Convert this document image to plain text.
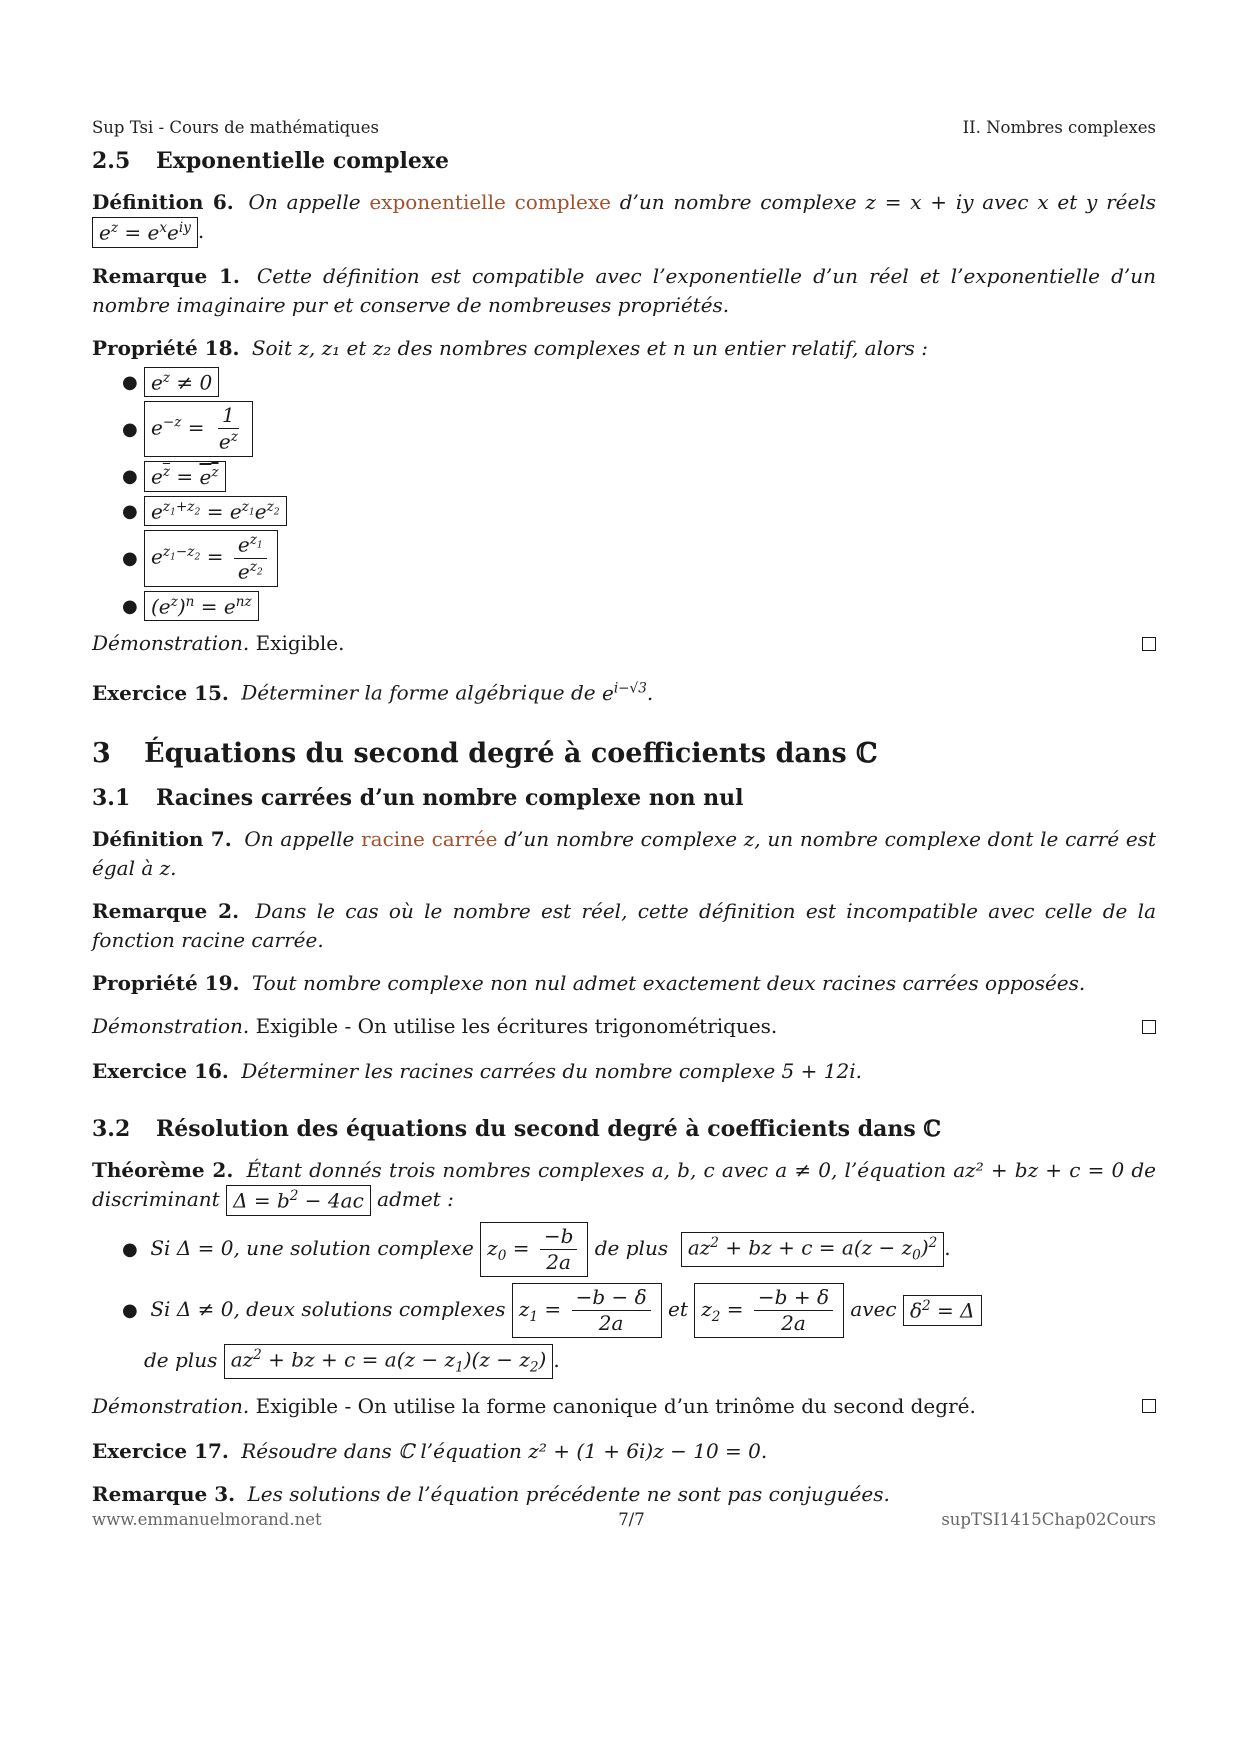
Sup Tsi - Cours de mathématiques	II. Nombres complexes
2.5 Exponentielle complexe
Définition 6. On appelle exponentielle complexe d’un nombre complexe z = x + iy avec x et y réels $e^z = e^xe^{iy}$ .
Remarque 1. Cette définition est compatible avec l’exponentielle d’un réel et l’exponentielle d’un nombre imaginaire pur et conserve de nombreuses propriétés.
Propriété 18. Soit z, z₁ et z₂ des nombres complexes et n un entier relatif, alors :
● $e^z \ne 0$
● $e^{-z} = \frac{1}{e^z}$
● $e^{\overline{z}} = e^z$
● $e^{z_1+z_2} = e^{z_1}e^{z_2}$
● $e^{z_1-z_2} = \frac{e^{z_1}}{e^{z_2}}$
● $(e^z)^n = e^{nz}$
Démonstration. Exigible.
Exercice 15. Déterminer la forme algébrique de $e^{i-√3}$.
3 Équations du second degré à coefficients dans ℂ
3.1 Racines carrées d’un nombre complexe non nul
Définition 7. On appelle racine carrée d’un nombre complexe z, un nombre complexe dont le carré est égal à z.
Remarque 2. Dans le cas où le nombre est réel, cette définition est incompatible avec celle de la fonction racine carrée.
Propriété 19. Tout nombre complexe non nul admet exactement deux racines carrées opposées.
Démonstration. Exigible - On utilise les écritures trigonométriques.
Exercice 16. Déterminer les racines carrées du nombre complexe 5 + 12i.
3.2 Résolution des équations du second degré à coefficients dans ℂ
Théorème 2. Étant donnés trois nombres complexes a, b, c avec a ≠ 0, l’équation az² + bz + c = 0 de discriminant $\Delta = b^2 - 4ac$ admet :
● Si Δ = 0, une solution complexe $z_0 = \frac{-b}{2a}$ de plus $az^2$ + bz + $c = a(z - z_0)^2$ .
● Si Δ ≠ 0, deux solutions complexes $z_1 = \frac{-b - \delta}{2a}$ et $z_2 = \frac{-b + \delta}{2a}$ avec $\delta^2 = \Delta$
de plus $az^2$ + bz + $c = a(z - z_1)(z - z_2)$ .
Démonstration. Exigible - On utilise la forme canonique d’un trinôme du second degré.
Exercice 17. Résoudre dans ℂ l’équation z² + (1 + 6i)z − 10 = 0.
Remarque 3. Les solutions de l’équation précédente ne sont pas conjuguées.
www.emmanuelmorand.net	7/7	supTSI1415Chap02Cours
